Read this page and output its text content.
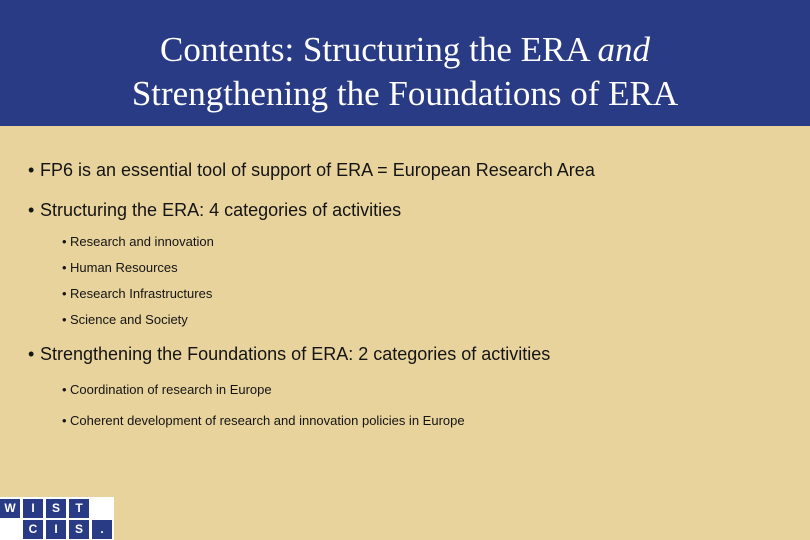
Contents: Structuring the ERA and
Strengthening the Foundations of ERA
• FP6 is an essential tool of support of ERA = European Research Area
• Structuring the ERA: 4 categories of activities
• Research and innovation
• Human Resources
• Research Infrastructures
• Science and Society
• Strengthening the Foundations of ERA: 2 categories of activities
• Coordination of research in Europe
• Coherent development of research and innovation policies in Europe
W	I	S	T
C	I	S	.
